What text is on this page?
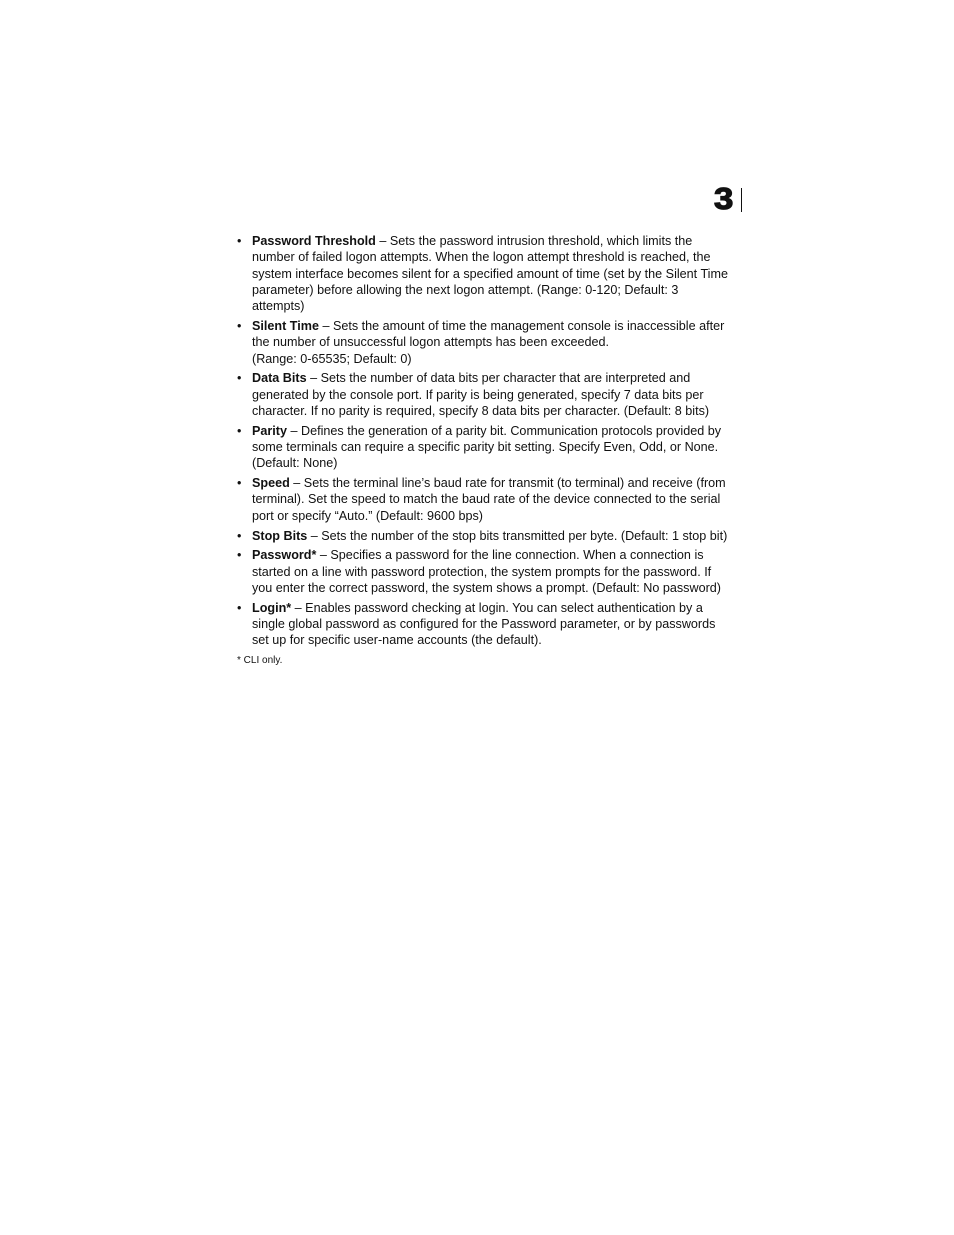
3
• Password Threshold – Sets the password intrusion threshold, which limits the number of failed logon attempts. When the logon attempt threshold is reached, the system interface becomes silent for a specified amount of time (set by the Silent Time parameter) before allowing the next logon attempt. (Range: 0-120; Default: 3 attempts)
• Silent Time – Sets the amount of time the management console is inaccessible after the number of unsuccessful logon attempts has been exceeded.
(Range: 0-65535; Default: 0)
• Data Bits – Sets the number of data bits per character that are interpreted and generated by the console port. If parity is being generated, specify 7 data bits per character. If no parity is required, specify 8 data bits per character. (Default: 8 bits)
• Parity – Defines the generation of a parity bit. Communication protocols provided by some terminals can require a specific parity bit setting. Specify Even, Odd, or None. (Default: None)
• Speed – Sets the terminal line’s baud rate for transmit (to terminal) and receive (from terminal). Set the speed to match the baud rate of the device connected to the serial port or specify “Auto.” (Default: 9600 bps)
• Stop Bits – Sets the number of the stop bits transmitted per byte. (Default: 1 stop bit)
• Password* – Specifies a password for the line connection. When a connection is started on a line with password protection, the system prompts for the password. If you enter the correct password, the system shows a prompt. (Default: No password)
• Login* – Enables password checking at login. You can select authentication by a single global password as configured for the Password parameter, or by passwords set up for specific user-name accounts (the default).
* CLI only.
